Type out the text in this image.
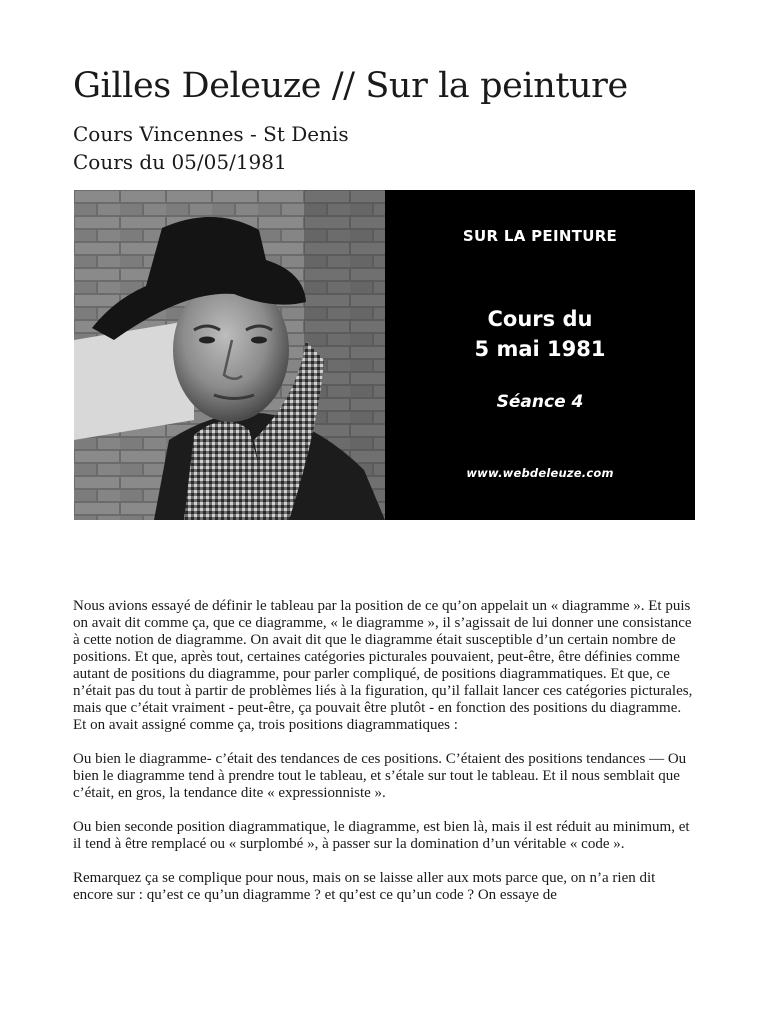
Gilles Deleuze // Sur la peinture
Cours Vincennes - St Denis
Cours du 05/05/1981
SUR LA PEINTURE
Cours du
5 mai 1981
Séance 4
www.webdeleuze.com

Nous avions essayé de définir le tableau par la position de ce qu’on appelait un « diagramme ». Et puis on avait dit comme ça, que ce diagramme, « le diagramme », il s’agissait de lui donner une consistance à cette notion de diagramme. On avait dit que le diagramme était susceptible d’un certain nombre de positions. Et que, après tout, certaines catégories picturales pouvaient, peut-être, être définies comme autant de positions du diagramme, pour parler compliqué, de positions diagrammatiques. Et que, ce n’était pas du tout à partir de problèmes liés à la figuration, qu’il fallait lancer ces catégories picturales, mais que c’était vraiment - peut-être, ça pouvait être plutôt - en fonction des positions du diagramme. Et on avait assigné comme ça, trois positions diagrammatiques :

Ou bien le diagramme- c’était des tendances de ces positions. C’étaient des positions tendances — Ou bien le diagramme tend à prendre tout le tableau, et s’étale sur tout le tableau. Et il nous semblait que c’était, en gros, la tendance dite « expressionniste ».

Ou bien seconde position diagrammatique, le diagramme, est bien là, mais il est réduit au minimum, et il tend à être remplacé ou « surplombé », à passer sur la domination d’un véritable « code ».

Remarquez ça se complique pour nous, mais on se laisse aller aux mots parce que, on n’a rien dit encore sur : qu’est ce qu’un diagramme ? et qu’est ce qu’un code ? On essaye de
